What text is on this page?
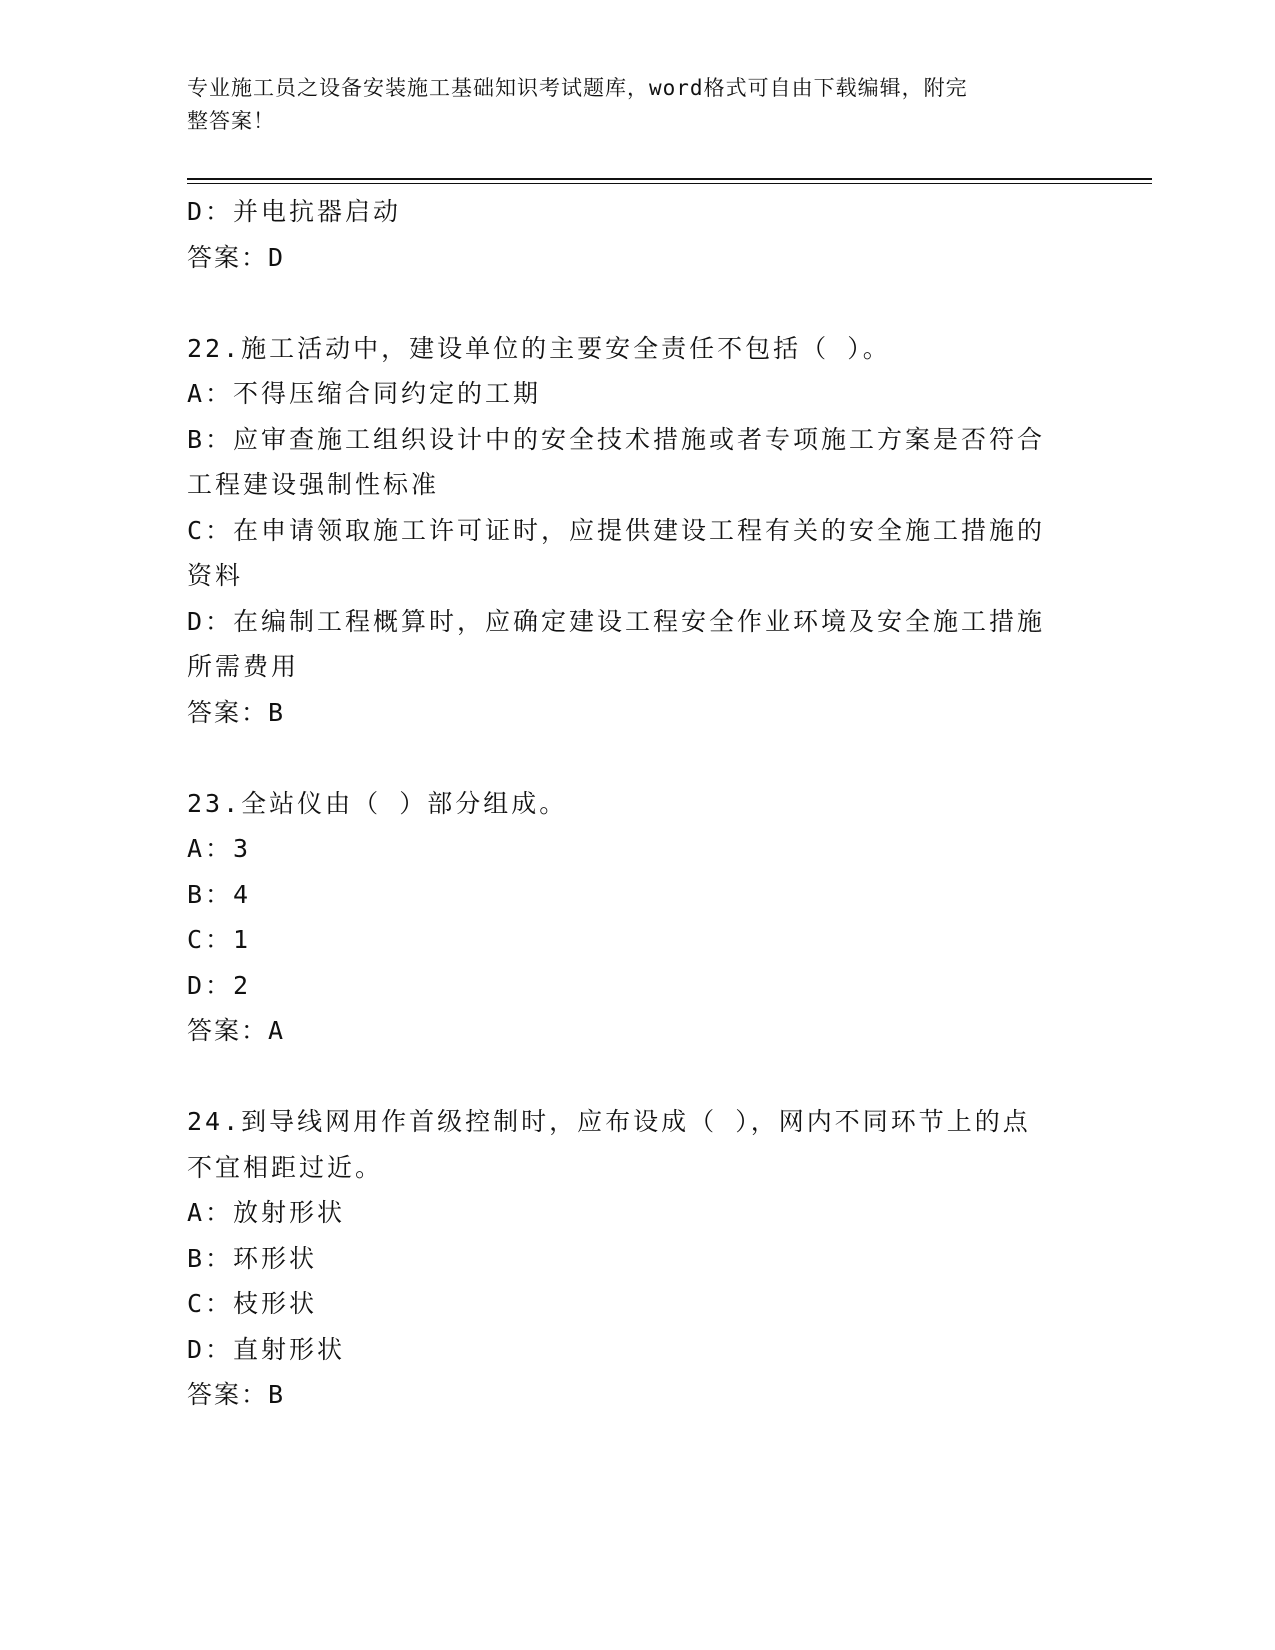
专业施工员之设备安装施工基础知识考试题库，word格式可自由下载编辑，附完
整答案！
D：并电抗器启动
答案：D
22.施工活动中，建设单位的主要安全责任不包括（ ）。
A：不得压缩合同约定的工期
B：应审查施工组织设计中的安全技术措施或者专项施工方案是否符合
工程建设强制性标准
C：在申请领取施工许可证时，应提供建设工程有关的安全施工措施的
资料
D：在编制工程概算时，应确定建设工程安全作业环境及安全施工措施
所需费用
答案：B
23.全站仪由（ ）部分组成。
A：3
B：4
C：1
D：2
答案：A
24.到导线网用作首级控制时，应布设成（ ），网内不同环节上的点
不宜相距过近。
A：放射形状
B：环形状
C：枝形状
D：直射形状
答案：B
